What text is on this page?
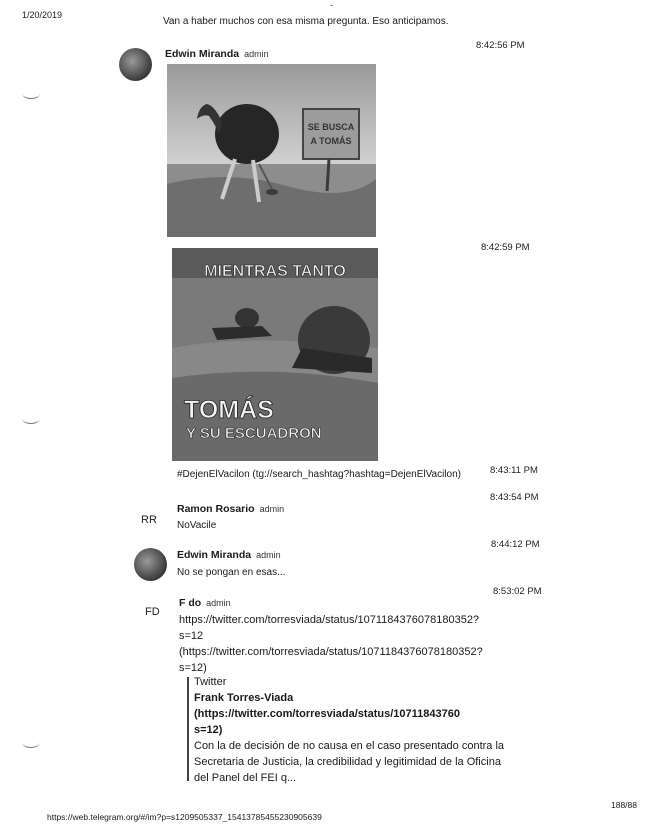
1/20/2019
-
Van a haber muchos con esa misma pregunta. Eso anticipamos.
Edwin Miranda admin
8:42:56 PM
SE BUSCA
A TOMÁS
8:42:59 PM
MIENTRAS TANTO
TOMÁS
Y SU ESCUADRON
#DejenElVacilon (tg://search_hashtag?hashtag=DejenElVacilon)	8:43:11 PM
8:43:54 PM
RR
Ramon Rosario admin
NoVacile
8:44:12 PM
Edwin Miranda admin
No se pongan en esas...
8:53:02 PM
FD
F do admin
https://twitter.com/torresviada/status/1071184376078180352?
s=12
(https://twitter.com/torresviada/status/1071184376078180352?
s=12)
Twitter
Frank Torres-Viada
(https://twitter.com/torresviada/status/10711843760
s=12)
Con la de decisión de no causa en el caso presentado contra la
Secretaria de Justicia, la credibilidad y legitimidad de la Oficina
del Panel del FEI q...
https://web.telegram.org/#/im?p=s1209505337_15413785455230905639
188/88
